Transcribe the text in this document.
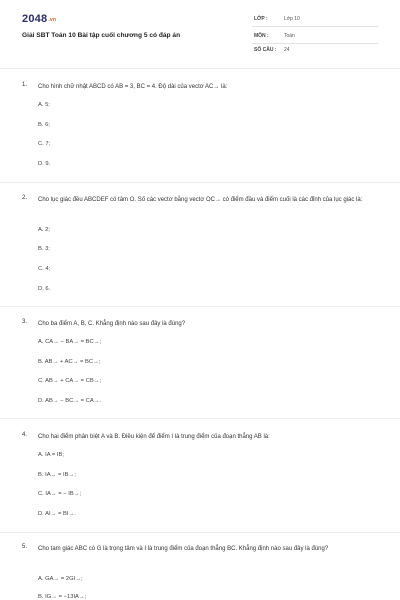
2048.vn
Giải SBT Toán 10 Bài tập cuối chương 5 có đáp án
LỚP :	Lớp 10
MÔN :	Toán
SỐ CÂU : 24
1. Cho hình chữ nhật ABCD có AB = 3, BC = 4. Độ dài của vectơ AC→ là:
A. 5;
B. 6;
C. 7;
D. 9.
2. Cho lục giác đều ABCDEF có tâm O. Số các vectơ bằng vectơ OC→ có điểm đầu và điểm cuối là các đỉnh của lục giác là:
A. 2;
B. 3;
C. 4;
D. 6.
3. Cho ba điểm A, B, C. Khẳng định nào sau đây là đúng?
A. CA→ − BA→ = BC→;
B. AB→ + AC→ = BC→;
C. AB→ + CA→ = CB→;
D. AB→ − BC→ = CA→.
4. Cho hai điểm phân biệt A và B. Điều kiện để điểm I là trung điểm của đoạn thẳng AB là:
A. IA = IB;
B. IA→ = IB→;
C. IA→ = − IB→;
D. AI→ = BI→.
5. Cho tam giác ABC có G là trọng tâm và I là trung điểm của đoạn thẳng BC. Khẳng định nào sau đây là đúng?
A. GA→ = 2GI→;
B. IG→ = −13IA→;
